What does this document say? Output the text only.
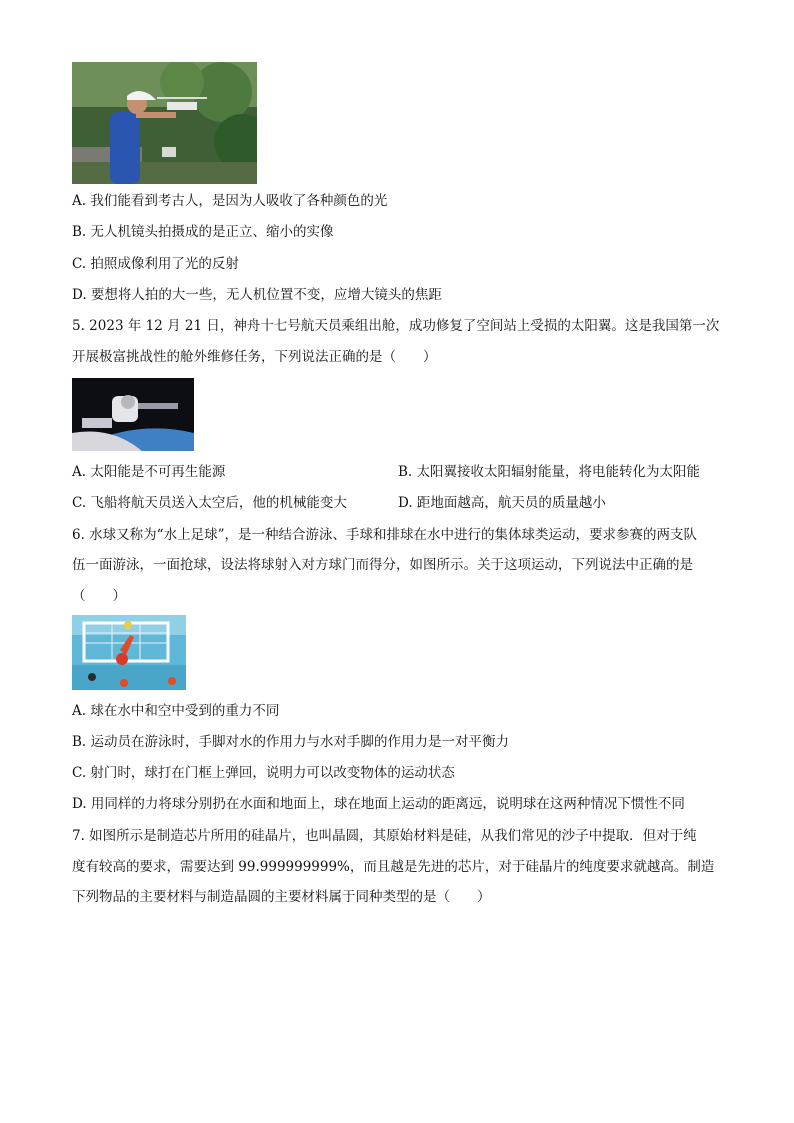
A. 我们能看到考古人，是因为人吸收了各种颜色的光
B. 无人机镜头拍摄成的是正立、缩小的实像
C. 拍照成像利用了光的反射
D. 要想将人拍的大一些，无人机位置不变，应增大镜头的焦距
5. 2023 年 12 月 21 日，神舟十七号航天员乘组出舱，成功修复了空间站上受损的太阳翼。这是我国第一次
开展极富挑战性的舱外维修任务，下列说法正确的是（　　）
A. 太阳能是不可再生能源	B. 太阳翼接收太阳辐射能量，将电能转化为太阳能
C. 飞船将航天员送入太空后，他的机械能变大	D. 距地面越高，航天员的质量越小
6. 水球又称为“水上足球”，是一种结合游泳、手球和排球在水中进行的集体球类运动，要求参赛的两支队
伍一面游泳，一面抢球，设法将球射入对方球门而得分，如图所示。关于这项运动，下列说法中正确的是
（　　）
A. 球在水中和空中受到的重力不同
B. 运动员在游泳时，手脚对水的作用力与水对手脚的作用力是一对平衡力
C. 射门时，球打在门框上弹回，说明力可以改变物体的运动状态
D. 用同样的力将球分别扔在水面和地面上，球在地面上运动的距离远，说明球在这两种情况下惯性不同
7. 如图所示是制造芯片所用的硅晶片，也叫晶圆，其原始材料是硅，从我们常见的沙子中提取．但对于纯
度有较高的要求，需要达到 99.999999999%，而且越是先进的芯片，对于硅晶片的纯度要求就越高。制造
下列物品的主要材料与制造晶圆的主要材料属于同种类型的是（　　）
